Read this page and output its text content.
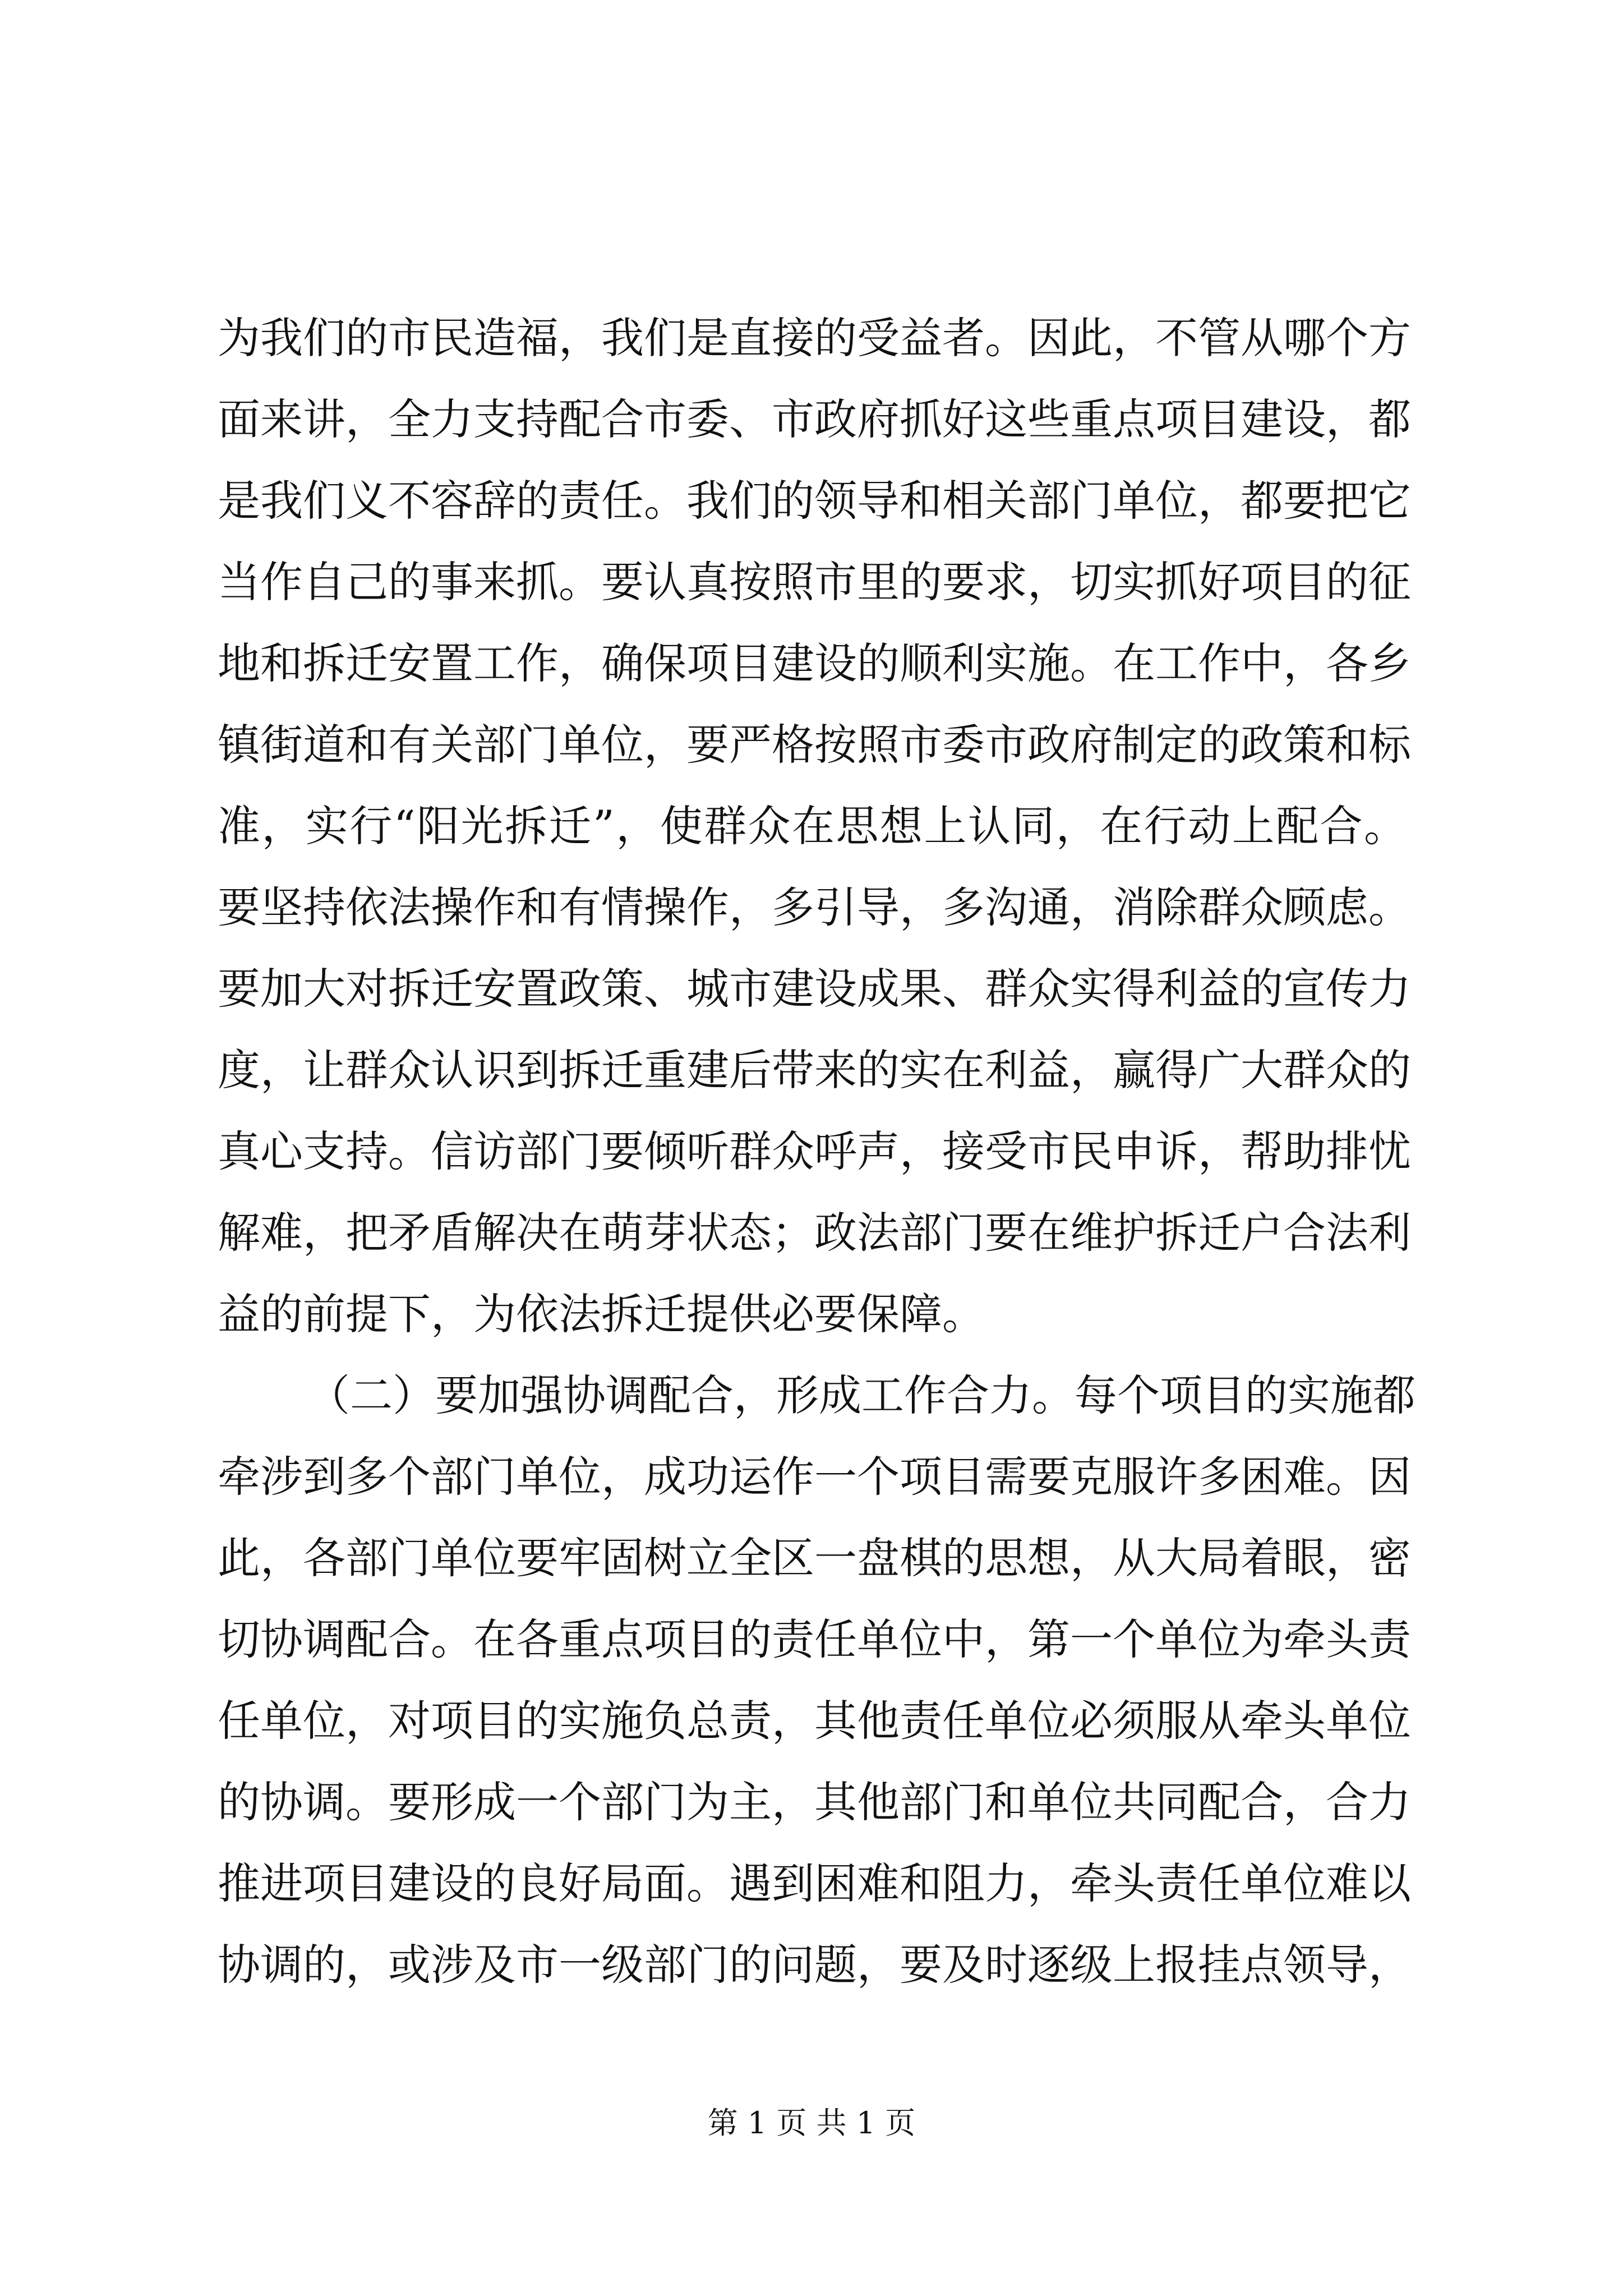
为我们的市民造福，我们是直接的受益者。因此，不管从哪个方
面来讲，全力支持配合市委、市政府抓好这些重点项目建设，都
是我们义不容辞的责任。我们的领导和相关部门单位，都要把它
当作自己的事来抓。要认真按照市里的要求，切实抓好项目的征
地和拆迁安置工作，确保项目建设的顺利实施。在工作中，各乡
镇街道和有关部门单位，要严格按照市委市政府制定的政策和标
准，实行“阳光拆迁”，使群众在思想上认同，在行动上配合。
要坚持依法操作和有情操作，多引导，多沟通，消除群众顾虑。
要加大对拆迁安置政策、城市建设成果、群众实得利益的宣传力
度，让群众认识到拆迁重建后带来的实在利益，赢得广大群众的
真心支持。信访部门要倾听群众呼声，接受市民申诉，帮助排忧
解难，把矛盾解决在萌芽状态；政法部门要在维护拆迁户合法利
益的前提下，为依法拆迁提供必要保障。
（二）要加强协调配合，形成工作合力。每个项目的实施都
牵涉到多个部门单位，成功运作一个项目需要克服许多困难。因
此，各部门单位要牢固树立全区一盘棋的思想，从大局着眼，密
切协调配合。在各重点项目的责任单位中，第一个单位为牵头责
任单位，对项目的实施负总责，其他责任单位必须服从牵头单位
的协调。要形成一个部门为主，其他部门和单位共同配合，合力
推进项目建设的良好局面。遇到困难和阻力，牵头责任单位难以
协调的，或涉及市一级部门的问题，要及时逐级上报挂点领导，
第 1 页 共 1 页
